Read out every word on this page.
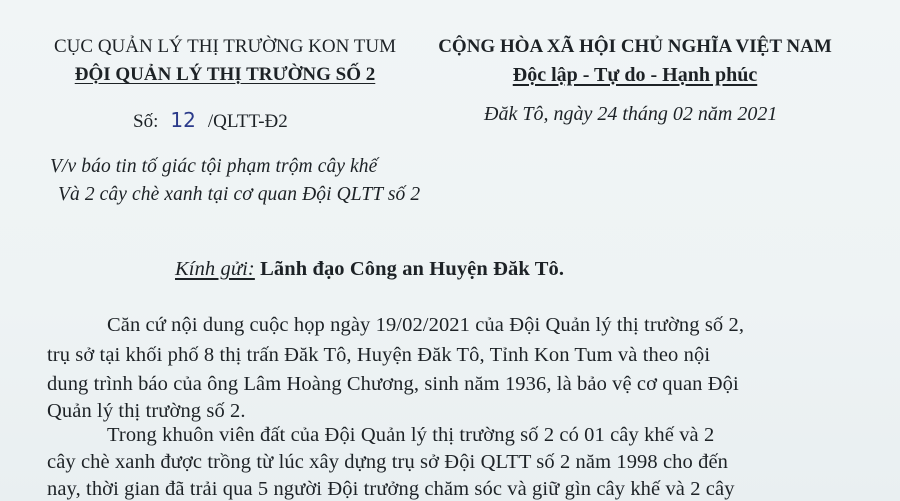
CỤC QUẢN LÝ THỊ TRƯỜNG KON TUM
ĐỘI QUẢN LÝ THỊ TRƯỜNG SỐ 2
Số: 12 /QLTT-Đ2
CỘNG HÒA XÃ HỘI CHỦ NGHĨA VIỆT NAM
Độc lập - Tự do - Hạnh phúc
Đăk Tô, ngày 24 tháng 02 năm 2021
V/v báo tin tố giác tội phạm trộm cây khế
Và 2 cây chè xanh tại cơ quan Đội QLTT số 2
Kính gửi: Lãnh đạo Công an Huyện Đăk Tô.
Căn cứ nội dung cuộc họp ngày 19/02/2021 của Đội Quản lý thị trường số 2,
trụ sở tại khối phố 8 thị trấn Đăk Tô, Huyện Đăk Tô, Tỉnh Kon Tum và theo nội
dung trình báo của ông Lâm Hoàng Chương, sinh năm 1936, là bảo vệ cơ quan Đội
Quản lý thị trường số 2.
Trong khuôn viên đất của Đội Quản lý thị trường số 2 có 01 cây khế và 2
cây chè xanh được trồng từ lúc xây dựng trụ sở Đội QLTT số 2 năm 1998 cho đến
nay, thời gian đã trải qua 5 người Đội trưởng chăm sóc và giữ gìn cây khế và 2 cây
